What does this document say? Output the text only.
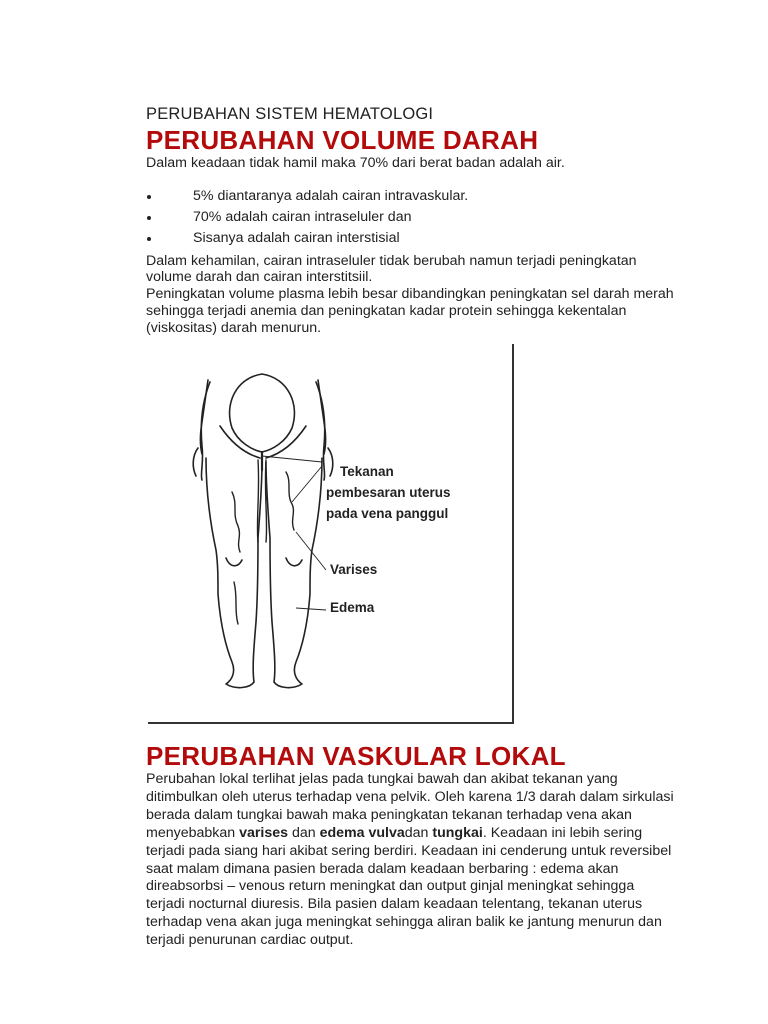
PERUBAHAN SISTEM HEMATOLOGI

PERUBAHAN VOLUME DARAH

Dalam keadaan tidak hamil maka 70% dari berat badan adalah air.

5% diantaranya adalah cairan intravaskular.
70% adalah cairan intraseluler dan
Sisanya adalah cairan interstisial

Dalam kehamilan, cairan intraseluler tidak berubah namun terjadi peningkatan volume darah dan cairan interstitsiil.

Peningkatan volume plasma lebih besar dibandingkan peningkatan sel darah merah sehingga terjadi anemia dan peningkatan kadar protein sehingga kekentalan (viskositas) darah menurun.

Tekanan
pembesaran uterus
pada vena panggul
Varises
Edema
PERUBAHAN VASKULAR LOKAL

Perubahan lokal terlihat jelas pada tungkai bawah dan akibat tekanan yang ditimbulkan oleh uterus terhadap vena pelvik. Oleh karena 1/3 darah dalam sirkulasi berada dalam tungkai bawah maka peningkatan tekanan terhadap vena akan menyebabkan varises dan edema vulvadan tungkai. Keadaan ini lebih sering terjadi pada siang hari akibat sering berdiri. Keadaan ini cenderung untuk reversibel saat malam dimana pasien berada dalam keadaan berbaring : edema akan direabsorbsi – venous return meningkat dan output ginjal meningkat sehingga terjadi nocturnal diuresis. Bila pasien dalam keadaan telentang, tekanan uterus terhadap vena akan juga meningkat sehingga aliran balik ke jantung menurun dan terjadi penurunan cardiac output.
